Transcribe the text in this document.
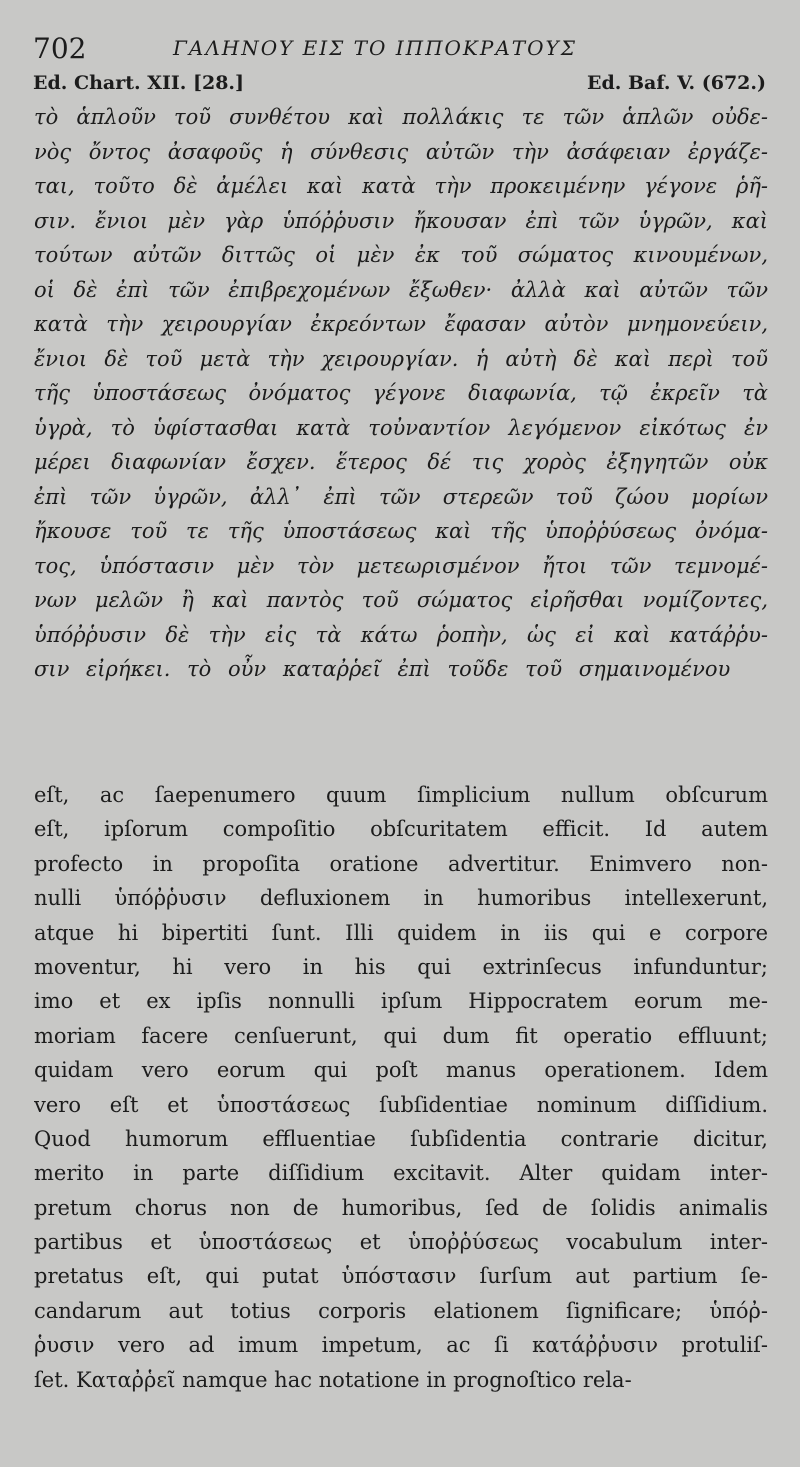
702	ΓΑΛΗΝΟΥ ΕΙΣ ΤΟ ΙΠΠΟΚΡΑΤΟΥΣ
Ed. Chart. XII. [28.]	Ed. Baf. V. (672.)
τὸ ἁπλοῦν τοῦ συνθέτου καὶ πολλάκις τε τῶν ἁπλῶν οὐδε-
νὸς ὄντος ἀσαφοῦς ἡ σύνθεσις αὐτῶν τὴν ἀσάφειαν ἐργάζε-
ται, τοῦτο δὲ ἀμέλει καὶ κατὰ τὴν προκειμένην γέγονε ῥῆ-
σιν. ἔνιοι μὲν γὰρ ὑπόῤῥυσιν ἤκουσαν ἐπὶ τῶν ὑγρῶν, καὶ
τούτων αὐτῶν διττῶς οἱ μὲν ἐκ τοῦ σώματος κινουμένων,
οἱ δὲ ἐπὶ τῶν ἐπιβρεχομένων ἔξωθεν· ἀλλὰ καὶ αὐτῶν τῶν
κατὰ τὴν χειρουργίαν ἐκρεόντων ἔφασαν αὐτὸν μνημονεύειν,
ἔνιοι δὲ τοῦ μετὰ τὴν χειρουργίαν. ἡ αὐτὴ δὲ καὶ περὶ τοῦ
τῆς ὑποστάσεως ὀνόματος γέγονε διαφωνία, τῷ ἐκρεῖν τὰ
ὑγρὰ, τὸ ὑφίστασθαι κατὰ τοὐναντίον λεγόμενον εἰκότως ἐν
μέρει διαφωνίαν ἔσχεν. ἕτερος δέ τις χορὸς ἐξηγητῶν οὐκ
ἐπὶ τῶν ὑγρῶν, ἀλλ᾽ ἐπὶ τῶν στερεῶν τοῦ ζώου μορίων
ἤκουσε τοῦ τε τῆς ὑποστάσεως καὶ τῆς ὑποῤῥύσεως ὀνόμα-
τος, ὑπόστασιν μὲν τὸν μετεωρισμένον ἤτοι τῶν τεμνομέ-
νων μελῶν ἢ καὶ παντὸς τοῦ σώματος εἰρῆσθαι νομίζοντες,
ὑπόῤῥυσιν δὲ τὴν εἰς τὰ κάτω ῥοπὴν, ὡς εἰ καὶ κατάῤῥυ-
σιν εἰρήκει. τὸ οὖν καταῤῥεῖ ἐπὶ τοῦδε τοῦ σημαινομένου
eſt, ac ſaepenumero quum ſimplicium nullum obſcurum
eſt, ipſorum compoſitio obſcuritatem efficit. Id autem
profecto in propoſita oratione advertitur. Enimvero non-
nulli ὑπόῤῥυσιν defluxionem in humoribus intellexerunt,
atque hi bipertiti ſunt. Illi quidem in iis qui e corpore
moventur, hi vero in his qui extrinſecus infunduntur;
imo et ex ipſis nonnulli ipſum Hippocratem eorum me-
moriam facere cenſuerunt, qui dum fit operatio effluunt;
quidam vero eorum qui poſt manus operationem. Idem
vero eſt et ὑποστάσεως ſubſidentiae nominum diſſidium.
Quod humorum effluentiae ſubſidentia contrarie dicitur,
merito in parte diſſidium excitavit. Alter quidam inter-
pretum chorus non de humoribus, ſed de ſolidis animalis
partibus et ὑποστάσεως et ὑποῤῥύσεως vocabulum inter-
pretatus eſt, qui putat ὑπόστασιν ſurſum aut partium ſe-
candarum aut totius corporis elationem ſignificare; ὑπόῤ-
ῥυσιν vero ad imum impetum, ac ſi κατάῤῥυσιν protuliſ-
ſet. Καταῤῥεῖ namque hac notatione in prognoſtico rela-
